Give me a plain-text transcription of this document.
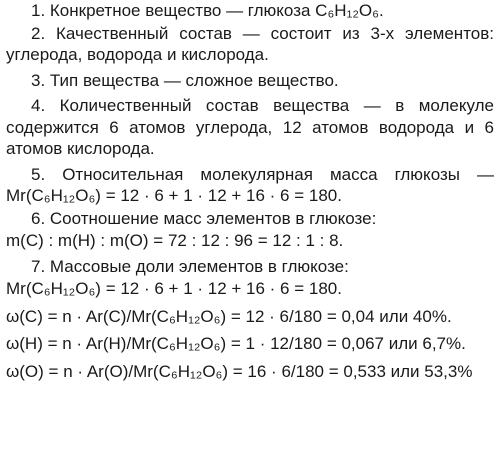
1. Конкретное вещество — глюкоза C₆H₁₂O₆.

2. Качественный состав — состоит из 3-х элементов: углерода, водорода и кислорода.

3. Тип вещества — сложное вещество.

4. Количественный состав вещества — в молекуле содержится 6 атомов углерода, 12 атомов водорода и 6 атомов кислорода.

5. Относительная молекулярная масса глюкозы — Mr(C₆H₁₂O₆) = 12 · 6 + 1 · 12 + 16 · 6 = 180.

6. Соотношение масс элементов в глюкозе:

m(C) : m(H) : m(O) = 72 : 12 : 96 = 12 : 1 : 8.

7. Массовые доли элементов в глюкозе:

Mr(C₆H₁₂O₆) = 12 · 6 + 1 · 12 + 16 · 6 = 180.

ω(C) = n · Ar(C)/Mr(C₆H₁₂O₆) = 12 · 6/180 = 0,04 или 40%.

ω(H) = n · Ar(H)/Mr(C₆H₁₂O₆) = 1 · 12/180 = 0,067 или 6,7%.

ω(O) = n · Ar(O)/Mr(C₆H₁₂O₆) = 16 · 6/180 = 0,533 или 53,3%
